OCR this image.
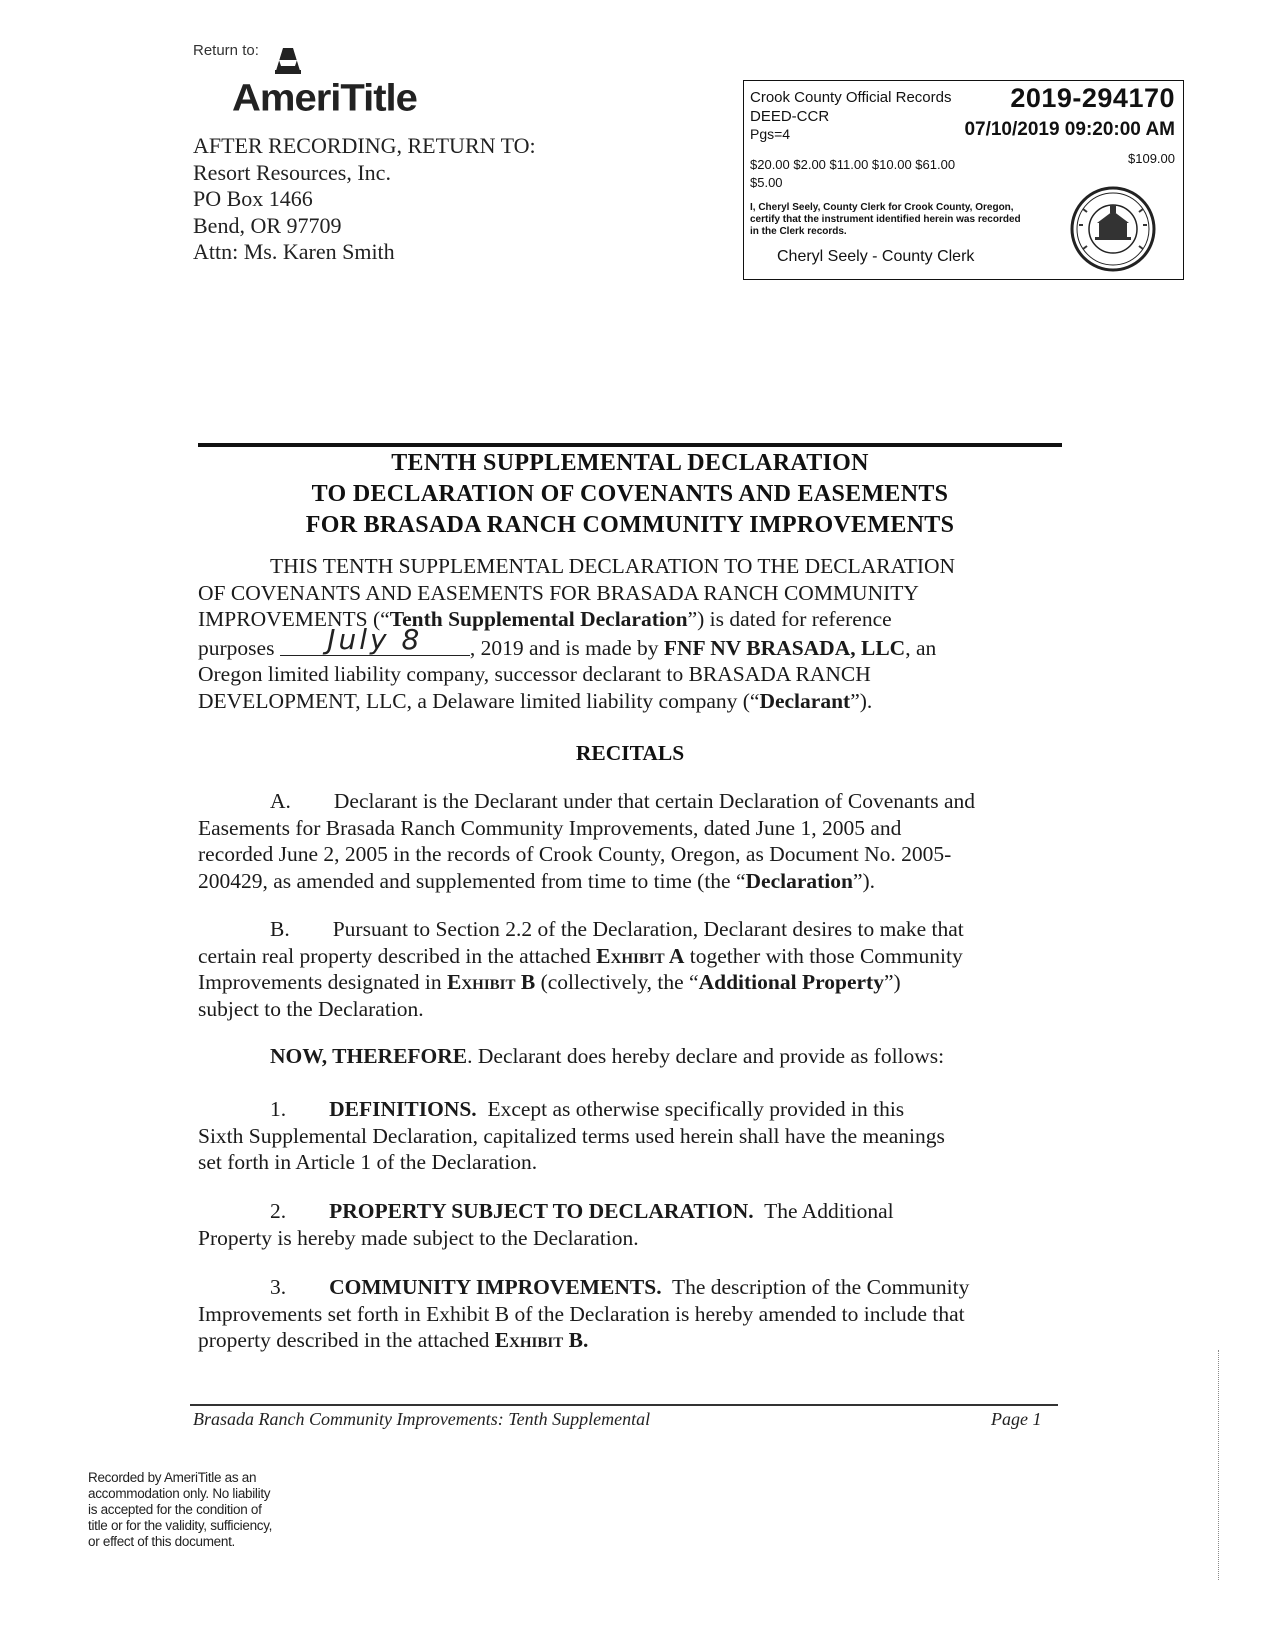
Return to:
AmeriTitle
AFTER RECORDING, RETURN TO:
Resort Resources, Inc.
PO Box 1466
Bend, OR 97709
Attn: Ms. Karen Smith
Crook County Official Records 2019-294170
DEED-CCR
Pgs=4	07/10/2019 09:20:00 AM
$20.00 $2.00 $11.00 $10.00 $61.00
$5.00
$109.00
I, Cheryl Seely, County Clerk for Crook County, Oregon, certify that the instrument identified herein was recorded in the Clerk records.
Cheryl Seely - County Clerk
TENTH SUPPLEMENTAL DECLARATION
TO DECLARATION OF COVENANTS AND EASEMENTS
FOR BRASADA RANCH COMMUNITY IMPROVEMENTS
THIS TENTH SUPPLEMENTAL DECLARATION TO THE DECLARATION
OF COVENANTS AND EASEMENTS FOR BRASADA RANCH COMMUNITY
IMPROVEMENTS (“Tenth Supplemental Declaration”) is dated for reference
purposes July 8 , 2019 and is made by FNF NV BRASADA, LLC, an
Oregon limited liability company, successor declarant to BRASADA RANCH
DEVELOPMENT, LLC, a Delaware limited liability company (“Declarant”).
RECITALS
A.  Declarant is the Declarant under that certain Declaration of Covenants and
Easements for Brasada Ranch Community Improvements, dated June 1, 2005 and
recorded June 2, 2005 in the records of Crook County, Oregon, as Document No. 2005-
200429, as amended and supplemented from time to time (the “Declaration”).
B.  Pursuant to Section 2.2 of the Declaration, Declarant desires to make that
certain real property described in the attached Exhibit A together with those Community
Improvements designated in Exhibit B (collectively, the “Additional Property”)
subject to the Declaration.
NOW, THEREFORE. Declarant does hereby declare and provide as follows:
1.   DEFINITIONS. Except as otherwise specifically provided in this
Sixth Supplemental Declaration, capitalized terms used herein shall have the meanings
set forth in Article 1 of the Declaration.
2.   PROPERTY SUBJECT TO DECLARATION. The Additional
Property is hereby made subject to the Declaration.
3.   COMMUNITY IMPROVEMENTS. The description of the Community
Improvements set forth in Exhibit B of the Declaration is hereby amended to include that
property described in the attached Exhibit B.
Brasada Ranch Community Improvements: Tenth Supplemental	Page 1
Recorded by AmeriTitle as an
accommodation only. No liability
is accepted for the condition of
title or for the validity, sufficiency,
or effect of this document.
